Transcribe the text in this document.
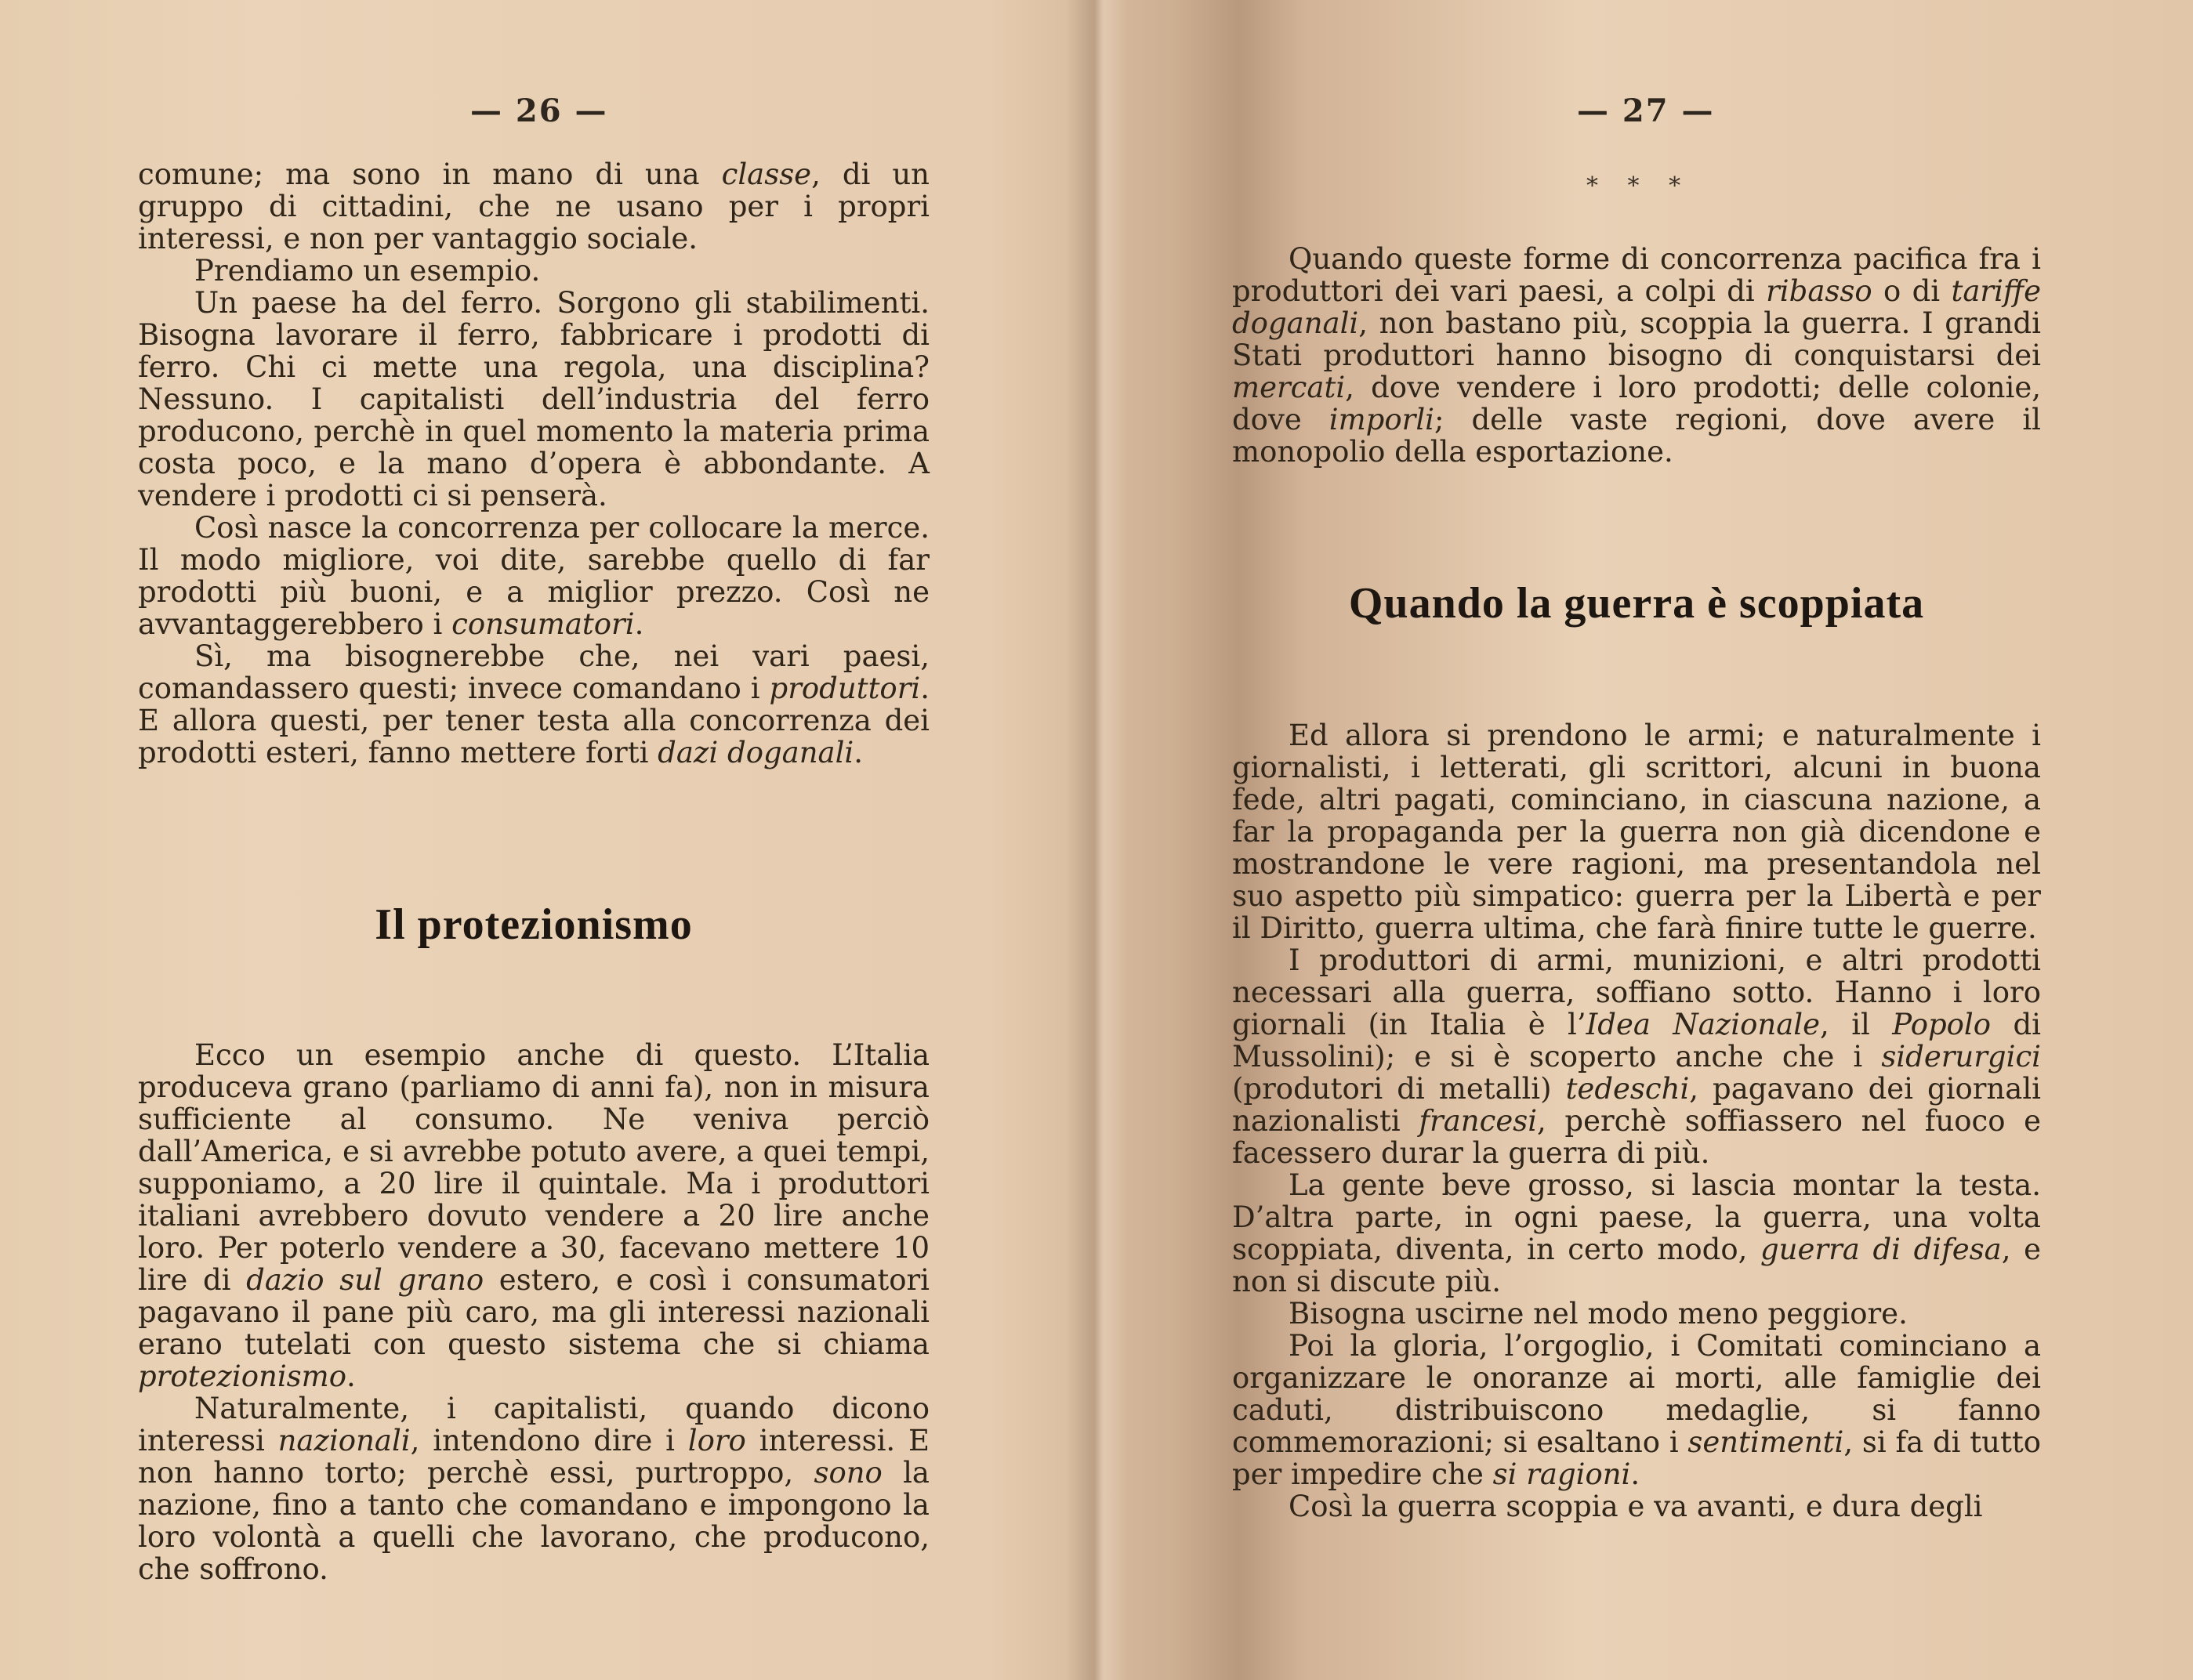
— 26 —

comune; ma sono in mano di una classe, di un gruppo di cittadini, che ne usano per i propri interessi, e non per vantaggio sociale.

Prendiamo un esempio.

Un paese ha del ferro. Sorgono gli stabilimenti. Bisogna lavorare il ferro, fabbricare i prodotti di ferro. Chi ci mette una regola, una disciplina? Nessuno. I capitalisti dell’industria del ferro producono, perchè in quel momento la materia prima costa poco, e la mano d’opera è abbondante. A vendere i prodotti ci si penserà.

Così nasce la concorrenza per collocare la merce. Il modo migliore, voi dite, sarebbe quello di far prodotti più buoni, e a miglior prezzo. Così ne avvantaggerebbero i consumatori.

Sì, ma bisognerebbe che, nei vari paesi, comandassero questi; invece comandano i produttori. E allora questi, per tener testa alla concorrenza dei prodotti esteri, fanno mettere forti dazi doganali.

Il protezionismo

Ecco un esempio anche di questo. L’Italia produceva grano (parliamo di anni fa), non in misura sufficiente al consumo. Ne veniva perciò dall’America, e si avrebbe potuto avere, a quei tempi, supponiamo, a 20 lire il quintale. Ma i produttori italiani avrebbero dovuto vendere a 20 lire anche loro. Per poterlo vendere a 30, facevano mettere 10 lire di dazio sul grano estero, e così i consumatori pagavano il pane più caro, ma gli interessi nazionali erano tutelati con questo sistema che si chiama protezionismo.

Naturalmente, i capitalisti, quando dicono interessi nazionali, intendono dire i loro interessi. E non hanno torto; perchè essi, purtroppo, sono la nazione, fino a tanto che comandano e impongono la loro volontà a quelli che lavorano, che producono, che soffrono.

— 27 —
* * *

Quando queste forme di concorrenza pacifica fra i produttori dei vari paesi, a colpi di ribasso o di tariffe doganali, non bastano più, scoppia la guerra. I grandi Stati produttori hanno bisogno di conquistarsi dei mercati, dove vendere i loro prodotti; delle colonie, dove imporli; delle vaste regioni, dove avere il monopolio della esportazione.

Quando la guerra è scoppiata

Ed allora si prendono le armi; e naturalmente i giornalisti, i letterati, gli scrittori, alcuni in buona fede, altri pagati, cominciano, in ciascuna nazione, a far la propaganda per la guerra non già dicendone e mostrandone le vere ragioni, ma presentandola nel suo aspetto più simpatico: guerra per la Libertà e per il Diritto, guerra ultima, che farà finire tutte le guerre.

I produttori di armi, munizioni, e altri prodotti necessari alla guerra, soffiano sotto. Hanno i loro giornali (in Italia è l’Idea Nazionale, il Popolo di Mussolini); e si è scoperto anche che i siderurgici (produtori di metalli) tedeschi, pagavano dei giornali nazionalisti francesi, perchè soffiassero nel fuoco e facessero durar la guerra di più.

La gente beve grosso, si lascia montar la testa. D’altra parte, in ogni paese, la guerra, una volta scoppiata, diventa, in certo modo, guerra di difesa, e non si discute più.

Bisogna uscirne nel modo meno peggiore.

Poi la gloria, l’orgoglio, i Comitati cominciano a organizzare le onoranze ai morti, alle famiglie dei caduti, distribuiscono medaglie, si fanno commemorazioni; si esaltano i sentimenti, si fa di tutto per impedire che si ragioni.

Così la guerra scoppia e va avanti, e dura degli
